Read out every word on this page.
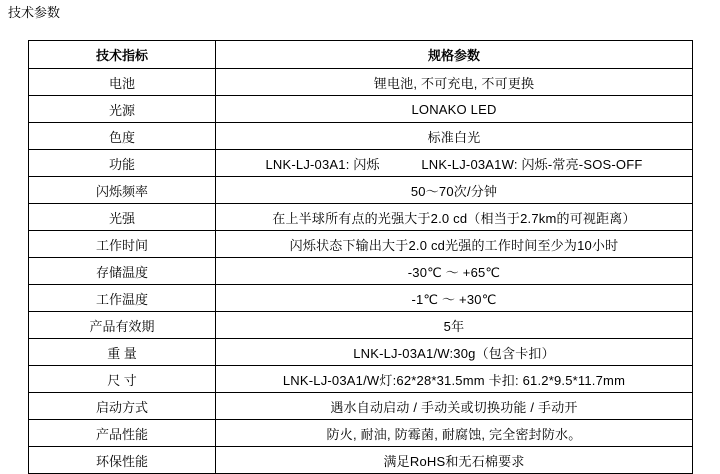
技术参数
技术指标	规格参数
电池	锂电池, 不可充电, 不可更换
光源	LONAKO LED
色度	标准白光
功能	LNK-LJ-03A1: 闪烁 LNK-LJ-03A1W: 闪烁-常亮-SOS-OFF
闪烁频率	50～70次/分钟
光强	在上半球所有点的光强大于2.0 cd（相当于2.7km的可视距离）
工作时间	闪烁状态下输出大于2.0 cd光强的工作时间至少为10小时
存储温度	-30℃ ～ +65℃
工作温度	-1℃ ～ +30℃
产品有效期	5年
重 量	LNK-LJ-03A1/W:30g（包含卡扣）
尺 寸	LNK-LJ-03A1/W灯:62*28*31.5mm 卡扣: 61.2*9.5*11.7mm
启动方式	遇水自动启动 / 手动关或切换功能 / 手动开
产品性能	防火, 耐油, 防霉菌, 耐腐蚀, 完全密封防水。
环保性能	满足RoHS和无石棉要求
